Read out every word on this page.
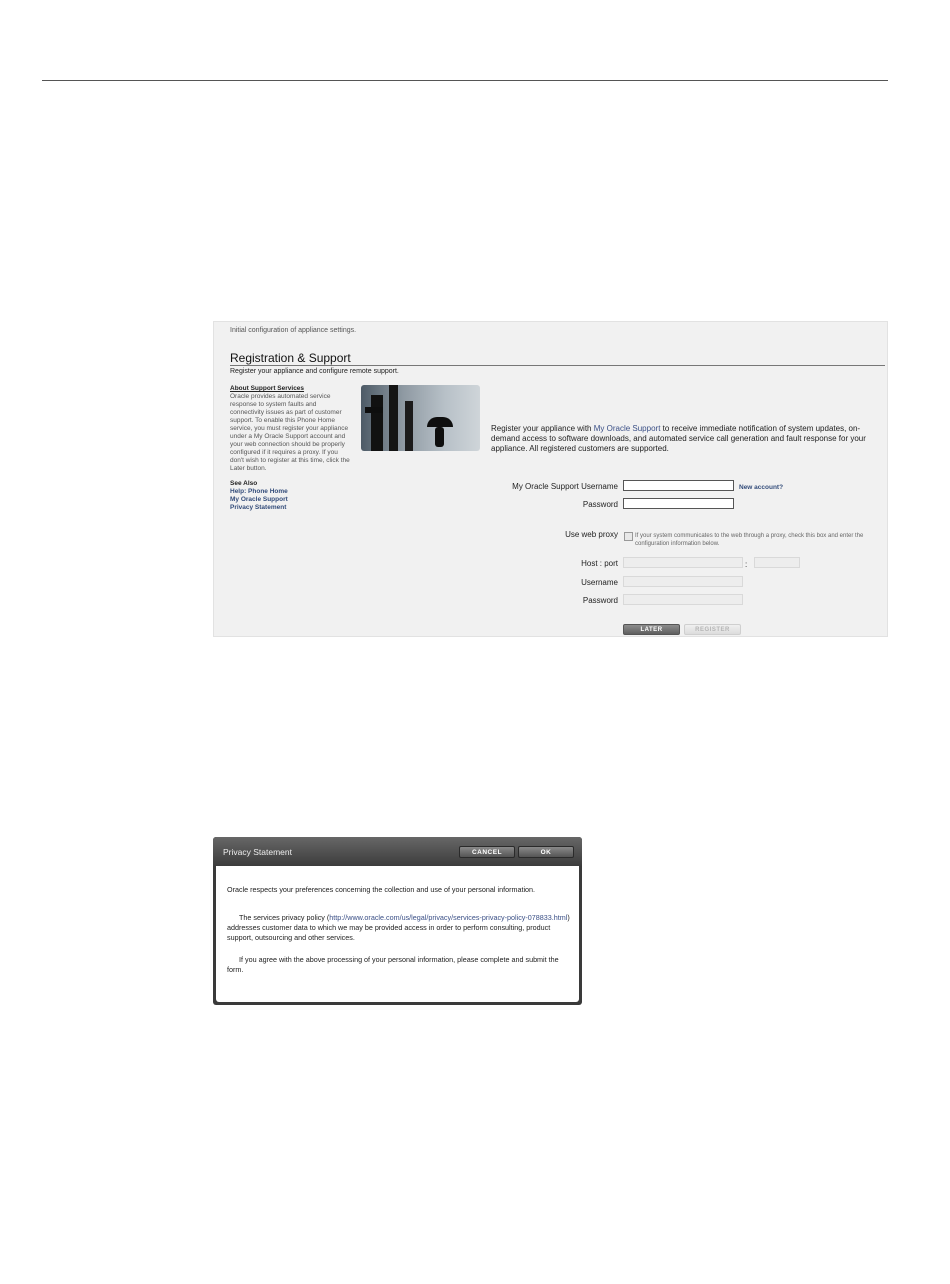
Initial configuration of appliance settings.
Registration & Support
Register your appliance and configure remote support.
About Support Services
Oracle provides automated service response to system faults and connectivity issues as part of customer support. To enable this Phone Home service, you must register your appliance under a My Oracle Support account and your web connection should be properly configured if it requires a proxy. If you don't wish to register at this time, click the Later button.
See Also
Help: Phone Home
My Oracle Support
Privacy Statement
Register your appliance with My Oracle Support to receive immediate notification of system updates, on-demand access to software downloads, and automated service call generation and fault response for your appliance. All registered customers are supported.
My Oracle Support Username	New account?
Password
Use web proxy	If your system communicates to the web through a proxy, check this box and enter the configuration information below.
Host : port	:
Username
Password
LATER	REGISTER
Privacy Statement	CANCEL	OK

Oracle respects your preferences concerning the collection and use of your personal information.

The services privacy policy (http://www.oracle.com/us/legal/privacy/services-privacy-policy-078833.html) addresses customer data to which we may be provided access in order to perform consulting, product support, outsourcing and other services.

If you agree with the above processing of your personal information, please complete and submit the form.
